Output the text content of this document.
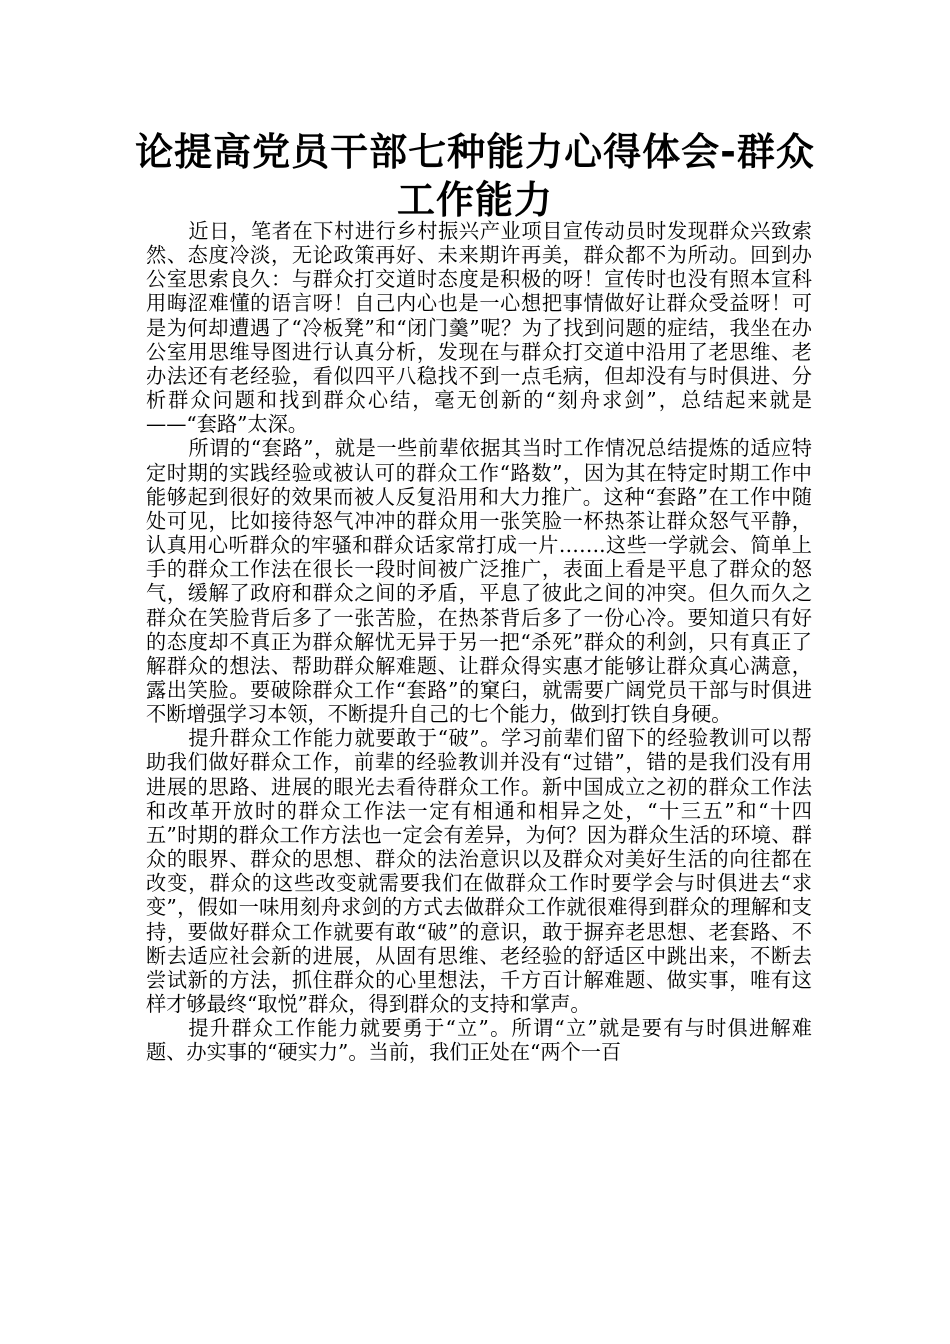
论提高党员干部七种能力心得体会-群众工作能力

近日，笔者在下村进行乡村振兴产业项目宣传动员时发现群众兴致索然、态度冷淡，无论政策再好、未来期许再美，群众都不为所动。回到办公室思索良久：与群众打交道时态度是积极的呀！宣传时也没有照本宣科用晦涩难懂的语言呀！自己内心也是一心想把事情做好让群众受益呀！可是为何却遭遇了“冷板凳”和“闭门羹”呢？为了找到问题的症结，我坐在办公室用思维导图进行认真分析，发现在与群众打交道中沿用了老思维、老办法还有老经验，看似四平八稳找不到一点毛病，但却没有与时俱进、分析群众问题和找到群众心结，毫无创新的“刻舟求剑”，总结起来就是——“套路”太深。

所谓的“套路”，就是一些前辈依据其当时工作情况总结提炼的适应特定时期的实践经验或被认可的群众工作“路数”，因为其在特定时期工作中能够起到很好的效果而被人反复沿用和大力推广。这种“套路”在工作中随处可见，比如接待怒气冲冲的群众用一张笑脸一杯热茶让群众怒气平静，认真用心听群众的牢骚和群众话家常打成一片…….这些一学就会、简单上手的群众工作法在很长一段时间被广泛推广，表面上看是平息了群众的怒气，缓解了政府和群众之间的矛盾，平息了彼此之间的冲突。但久而久之群众在笑脸背后多了一张苦脸，在热茶背后多了一份心冷。要知道只有好的态度却不真正为群众解忧无异于另一把“杀死”群众的利剑，只有真正了解群众的想法、帮助群众解难题、让群众得实惠才能够让群众真心满意，露出笑脸。要破除群众工作“套路”的窠臼，就需要广阔党员干部与时俱进不断增强学习本领，不断提升自己的七个能力，做到打铁自身硬。

提升群众工作能力就要敢于“破”。学习前辈们留下的经验教训可以帮助我们做好群众工作，前辈的经验教训并没有“过错”，错的是我们没有用进展的思路、进展的眼光去看待群众工作。新中国成立之初的群众工作法和改革开放时的群众工作法一定有相通和相异之处，“十三五”和“十四五”时期的群众工作方法也一定会有差异，为何？因为群众生活的环境、群众的眼界、群众的思想、群众的法治意识以及群众对美好生活的向往都在改变，群众的这些改变就需要我们在做群众工作时要学会与时俱进去“求变”，假如一味用刻舟求剑的方式去做群众工作就很难得到群众的理解和支持，要做好群众工作就要有敢“破”的意识，敢于摒弃老思想、老套路、不断去适应社会新的进展，从固有思维、老经验的舒适区中跳出来，不断去尝试新的方法，抓住群众的心里想法，千方百计解难题、做实事，唯有这样才够最终“取悦”群众，得到群众的支持和掌声。

提升群众工作能力就要勇于“立”。所谓“立”就是要有与时俱进解难题、办实事的“硬实力”。当前，我们正处在“两个一百
